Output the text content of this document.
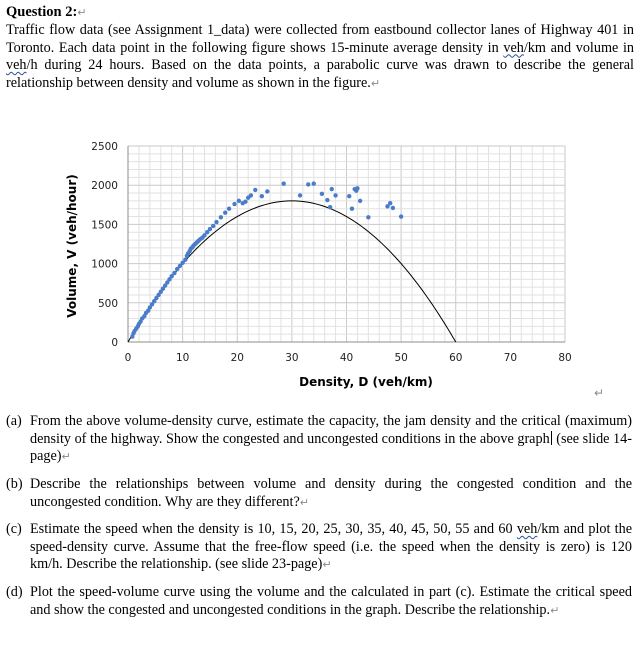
Question 2:↵
Traffic flow data (see Assignment 1_data) were collected from eastbound collector lanes of Highway 401 in Toronto. Each data point in the following figure shows 15-minute average density in veh/km and volume in veh/h during 24 hours. Based on the data points, a parabolic curve was drawn to describe the general relationship between density and volume as shown in the figure.↵
0	10	20	30	40	50	60	70	80
0
500
1000
1500
2000
2500
Density, D (veh/km)
Volume, V (veh/hour)
↵
(a) From the above volume-density curve, estimate the capacity, the jam density and the critical (maximum) density of the highway. Show the congested and uncongested conditions in the above graph (see slide 14-page)↵
(b) Describe the relationships between volume and density during the congested condition and the uncongested condition. Why are they different?↵
(c) Estimate the speed when the density is 10, 15, 20, 25, 30, 35, 40, 45, 50, 55 and 60 veh/km and plot the speed-density curve. Assume that the free-flow speed (i.e. the speed when the density is zero) is 120 km/h. Describe the relationship. (see slide 23-page)↵
(d) Plot the speed-volume curve using the volume and the calculated in part (c). Estimate the critical speed and show the congested and uncongested conditions in the graph. Describe the relationship.↵
